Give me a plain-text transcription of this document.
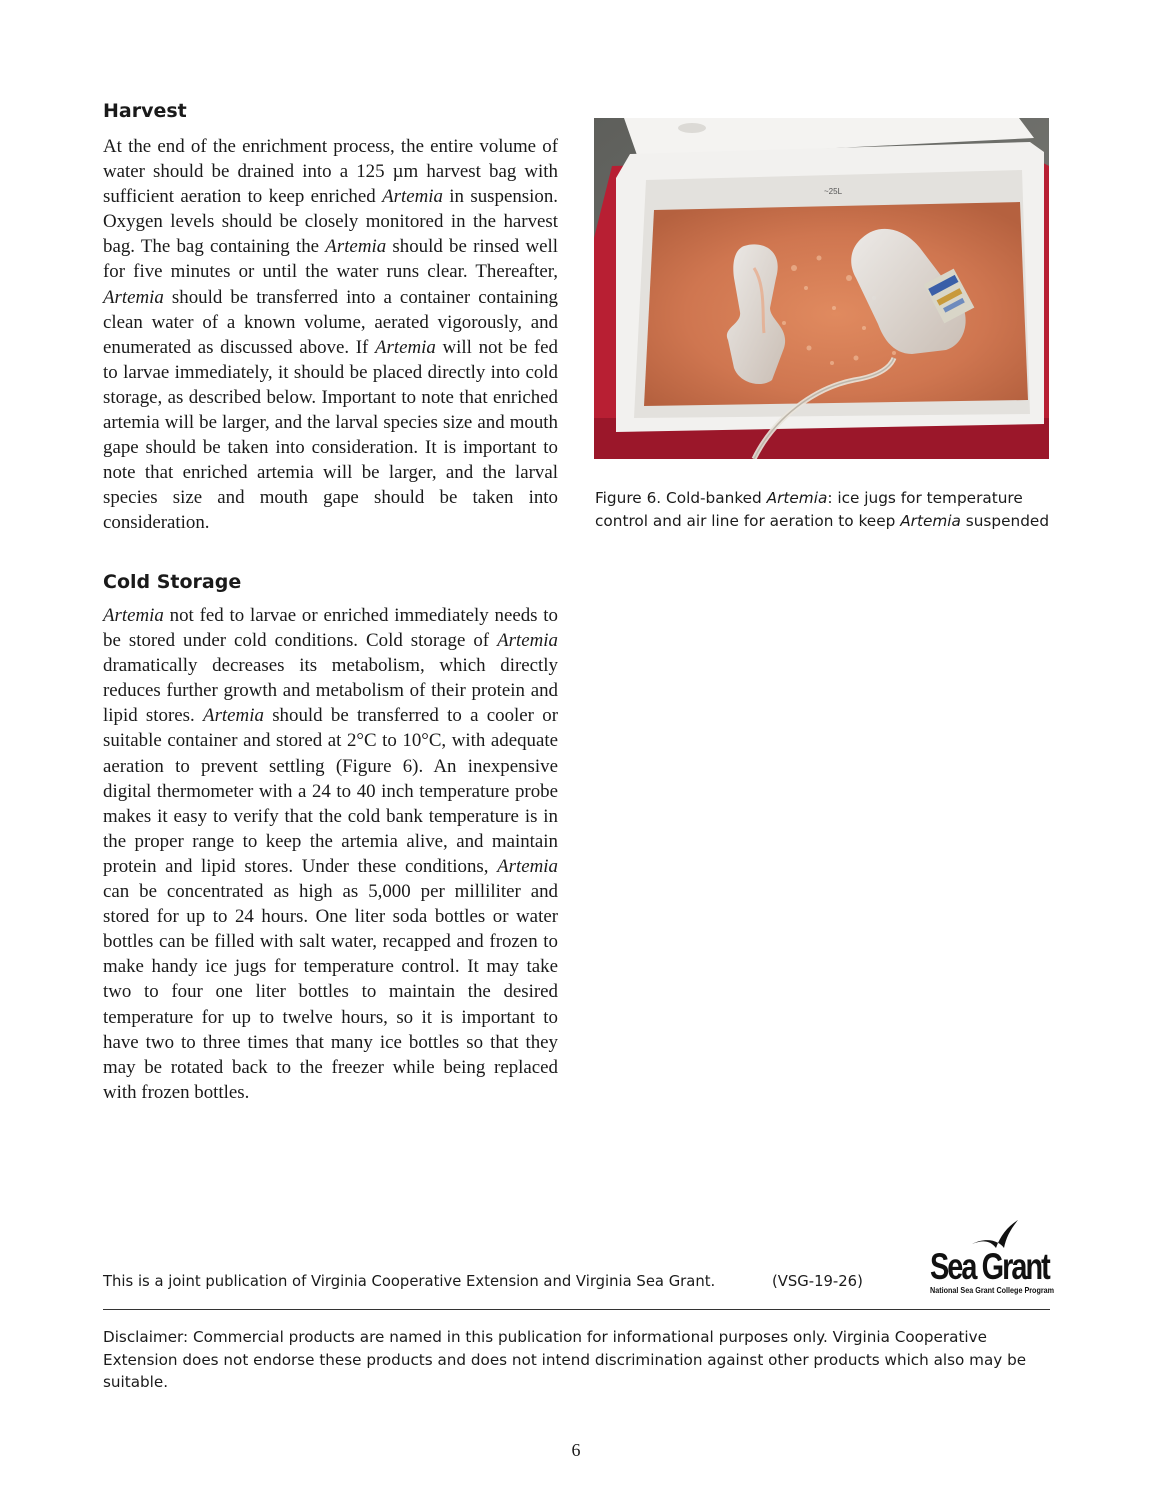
Harvest

At the end of the enrichment process, the entire volume of water should be drained into a 125 µm harvest bag with sufficient aeration to keep enriched Artemia in suspension. Oxygen levels should be closely monitored in the harvest bag. The bag containing the Artemia should be rinsed well for five minutes or until the water runs clear. Thereafter, Artemia should be transferred into a container containing clean water of a known volume, aerated vigorously, and enumerated as discussed above. If Artemia will not be fed to larvae immediately, it should be placed directly into cold storage, as described below. Important to note that enriched artemia will be larger, and the larval species size and mouth gape should be taken into consideration. It is important to note that enriched artemia will be larger, and the larval species size and mouth gape should be taken into consideration.

Cold Storage

Artemia not fed to larvae or enriched immediately needs to be stored under cold conditions. Cold storage of Artemia dramatically decreases its metabolism, which directly reduces further growth and metabolism of their protein and lipid stores. Artemia should be transferred to a cooler or suitable container and stored at 2°C to 10°C, with adequate aeration to prevent settling (Figure 6). An inexpensive digital thermometer with a 24 to 40 inch temperature probe makes it easy to verify that the cold bank temperature is in the proper range to keep the artemia alive, and maintain protein and lipid stores. Under these conditions, Artemia can be concentrated as high as 5,000 per milliliter and stored for up to 24 hours. One liter soda bottles or water bottles can be filled with salt water, recapped and frozen to make handy ice jugs for temperature control. It may take two to four one liter bottles to maintain the desired temperature for up to twelve hours, so it is important to have two to three times that many ice bottles so that they may be rotated back to the freezer while being replaced with frozen bottles.

~25L

Figure 6. Cold-banked Artemia: ice jugs for temperature control and air line for aeration to keep Artemia suspended

This is a joint publication of Virginia Cooperative Extension and Virginia Sea Grant.	(VSG-19-26) Sea Grant
National Sea Grant College Program

Disclaimer: Commercial products are named in this publication for informational purposes only. Virginia Cooperative Extension does not endorse these products and does not intend discrimination against other products which also may be suitable.

6
